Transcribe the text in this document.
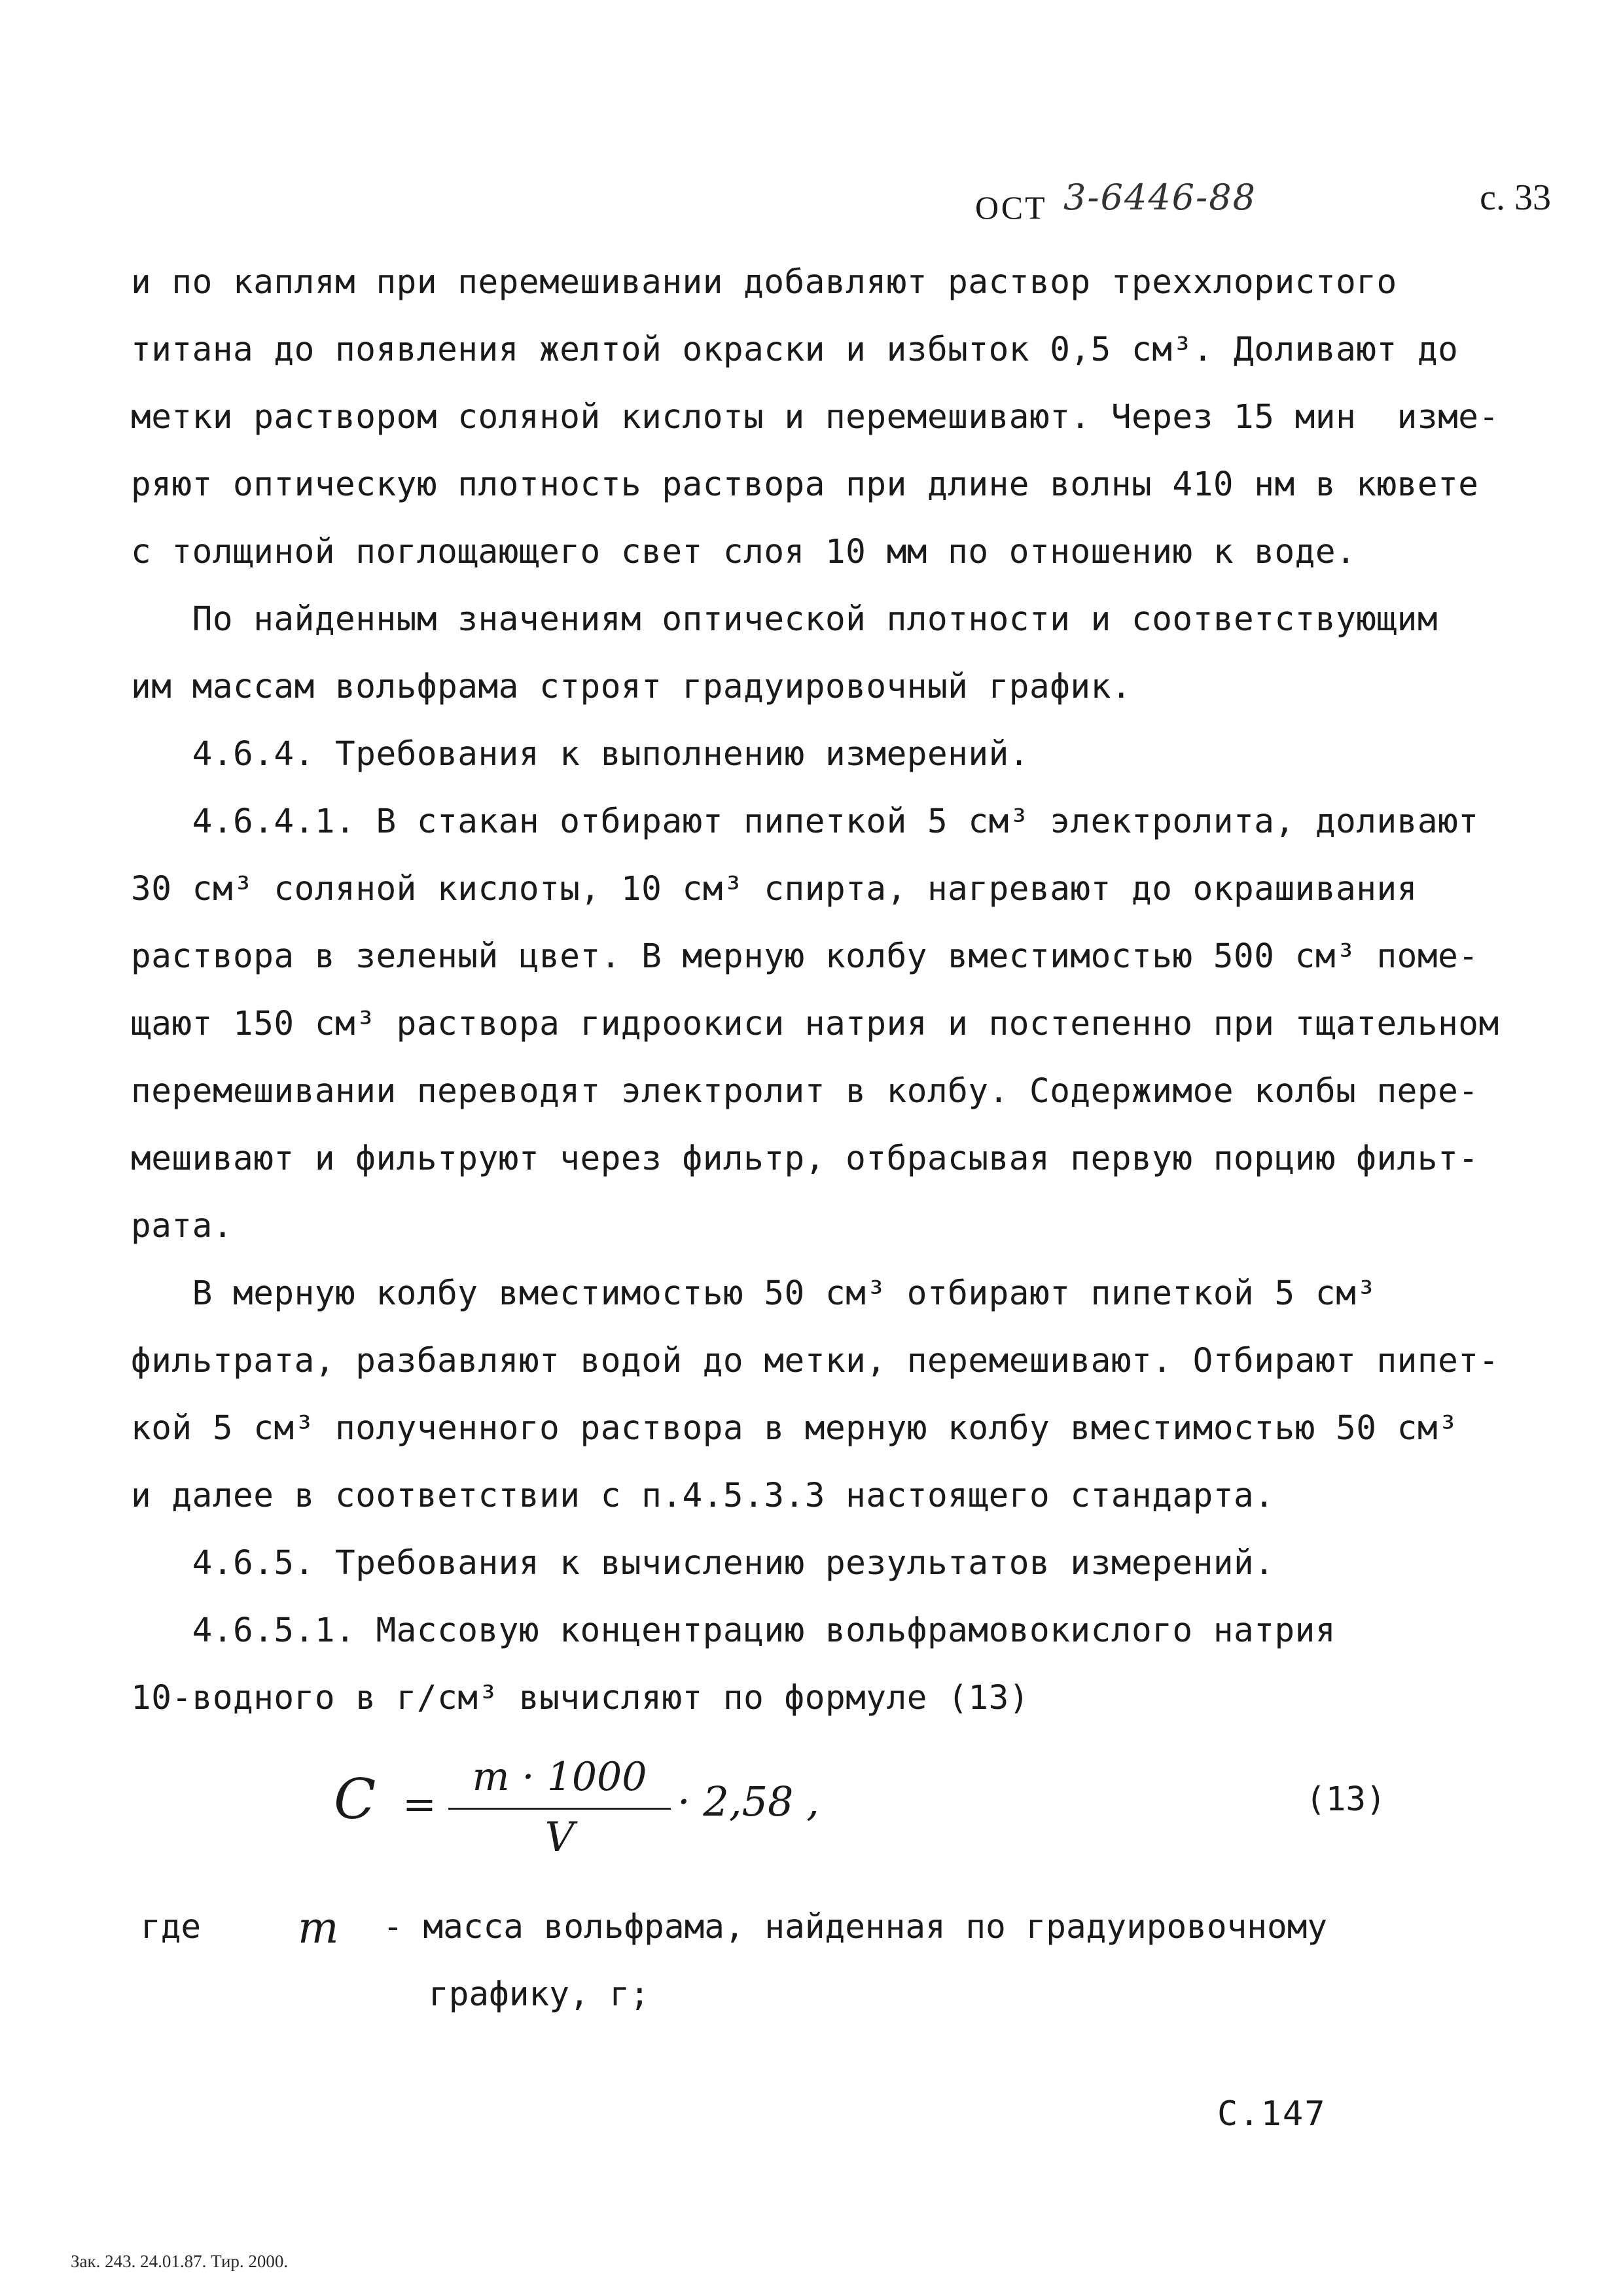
ОСТ 3-6446-88	с. 33
и по каплям при перемешивании добавляют раствор треххлористого
титана до появления желтой окраски и избыток 0,5 см³. Доливают до
метки раствором соляной кислоты и перемешивают. Через 15 мин  изме-
ряют оптическую плотность раствора при длине волны 410 нм в кювете
с толщиной поглощающего свет слоя 10 мм по отношению к воде.
По найденным значениям оптической плотности и соответствующим
им массам вольфрама строят градуировочный график.
4.6.4. Требования к выполнению измерений.
4.6.4.1. В стакан отбирают пипеткой 5 см³ электролита, доливают
30 см³ соляной кислоты, 10 см³ спирта, нагревают до окрашивания
раствора в зеленый цвет. В мерную колбу вместимостью 500 см³ поме-
щают 150 см³ раствора гидроокиси натрия и постепенно при тщательном
перемешивании переводят электролит в колбу. Содержимое колбы пере-
мешивают и фильтруют через фильтр, отбрасывая первую порцию фильт-
рата.
В мерную колбу вместимостью 50 см³ отбирают пипеткой 5 см³
фильтрата, разбавляют водой до метки, перемешивают. Отбирают пипет-
кой 5 см³ полученного раствора в мерную колбу вместимостью 50 см³
и далее в соответствии с п.4.5.3.3 настоящего стандарта.
4.6.5. Требования к вычислению результатов измерений.
4.6.5.1. Массовую концентрацию вольфрамовокислого натрия
10-водного в г/см³ вычисляют по формуле (13)
C =
m · 1000
V
· 2,58 ,	(13)
где m - масса вольфрама, найденная по градуировочному
графику, г;
С.147
Зак. 243. 24.01.87. Тир. 2000.
